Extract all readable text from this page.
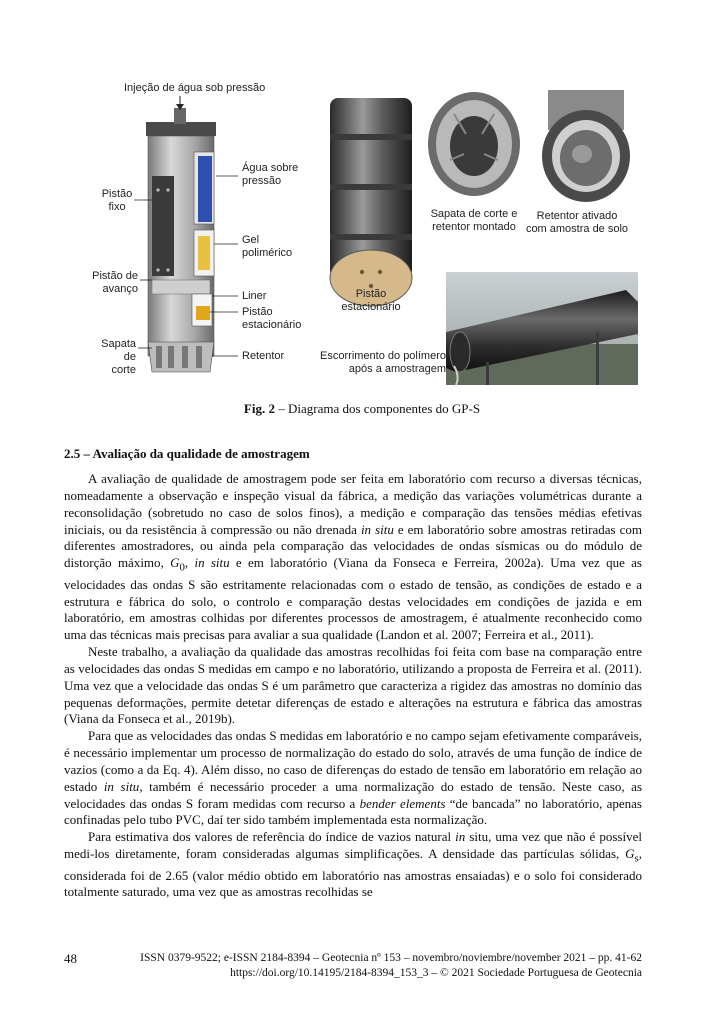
Injeção de água sob pressão
Água sobre
pressão
Pistão
fixo
Gel
polimérico
Pistão de
avanço
Liner
Pistão
estacionário
Sapata de
corte
Retentor
Pistão
estacionário
Sapata de corte e
retentor montado
Retentor ativado
com amostra de solo
Escorrimento do polímero
após a amostragem
Fig. 2 – Diagrama dos componentes do GP-S
2.5 – Avaliação da qualidade de amostragem

A avaliação de qualidade de amostragem pode ser feita em laboratório com recurso a diversas técnicas, nomeadamente a observação e inspeção visual da fábrica, a medição das variações volumétricas durante a reconsolidação (sobretudo no caso de solos finos), a medição e comparação das tensões médias efetivas iniciais, ou da resistência à compressão ou não drenada in situ e em laboratório sobre amostras retiradas com diferentes amostradores, ou ainda pela comparação das velocidades de ondas sísmicas ou do módulo de distorção máximo, $G_0$, in situ e em laboratório (Viana da Fonseca e Ferreira, 2002a). Uma vez que as velocidades das ondas S são estritamente relacionadas com o estado de tensão, as condições de estado e a estrutura e fábrica do solo, o controlo e comparação destas velocidades em condições de jazida e em laboratório, em amostras colhidas por diferentes processos de amostragem, é atualmente reconhecido como uma das técnicas mais precisas para avaliar a sua qualidade (Landon et al. 2007; Ferreira et al., 2011).

Neste trabalho, a avaliação da qualidade das amostras recolhidas foi feita com base na comparação entre as velocidades das ondas S medidas em campo e no laboratório, utilizando a proposta de Ferreira et al. (2011). Uma vez que a velocidade das ondas S é um parâmetro que caracteriza a rigidez das amostras no domínio das pequenas deformações, permite detetar diferenças de estado e alterações na estrutura e fábrica das amostras (Viana da Fonseca et al., 2019b).

Para que as velocidades das ondas S medidas em laboratório e no campo sejam efetivamente comparáveis, é necessário implementar um processo de normalização do estado do solo, através de uma função de índice de vazios (como a da Eq. 4). Além disso, no caso de diferenças do estado de tensão em laboratório em relação ao estado in situ, também é necessário proceder a uma normalização do estado de tensão. Neste caso, as velocidades das ondas S foram medidas com recurso a bender elements “de bancada” no laboratório, apenas confinadas pelo tubo PVC, daí ter sido também implementada esta normalização.

Para estimativa dos valores de referência do índice de vazios natural in situ, uma vez que não é possível medi-los diretamente, foram consideradas algumas simplificações. A densidade das partículas sólidas, $G_s$, considerada foi de 2.65 (valor médio obtido em laboratório nas amostras ensaiadas) e o solo foi considerado totalmente saturado, uma vez que as amostras recolhidas se

48	ISSN 0379-9522; e-ISSN 2184-8394 – Geotecnia nº 153 – novembro/noviembre/november 2021 – pp. 41-62
https://doi.org/10.14195/2184-8394_153_3 – © 2021 Sociedade Portuguesa de Geotecnia
